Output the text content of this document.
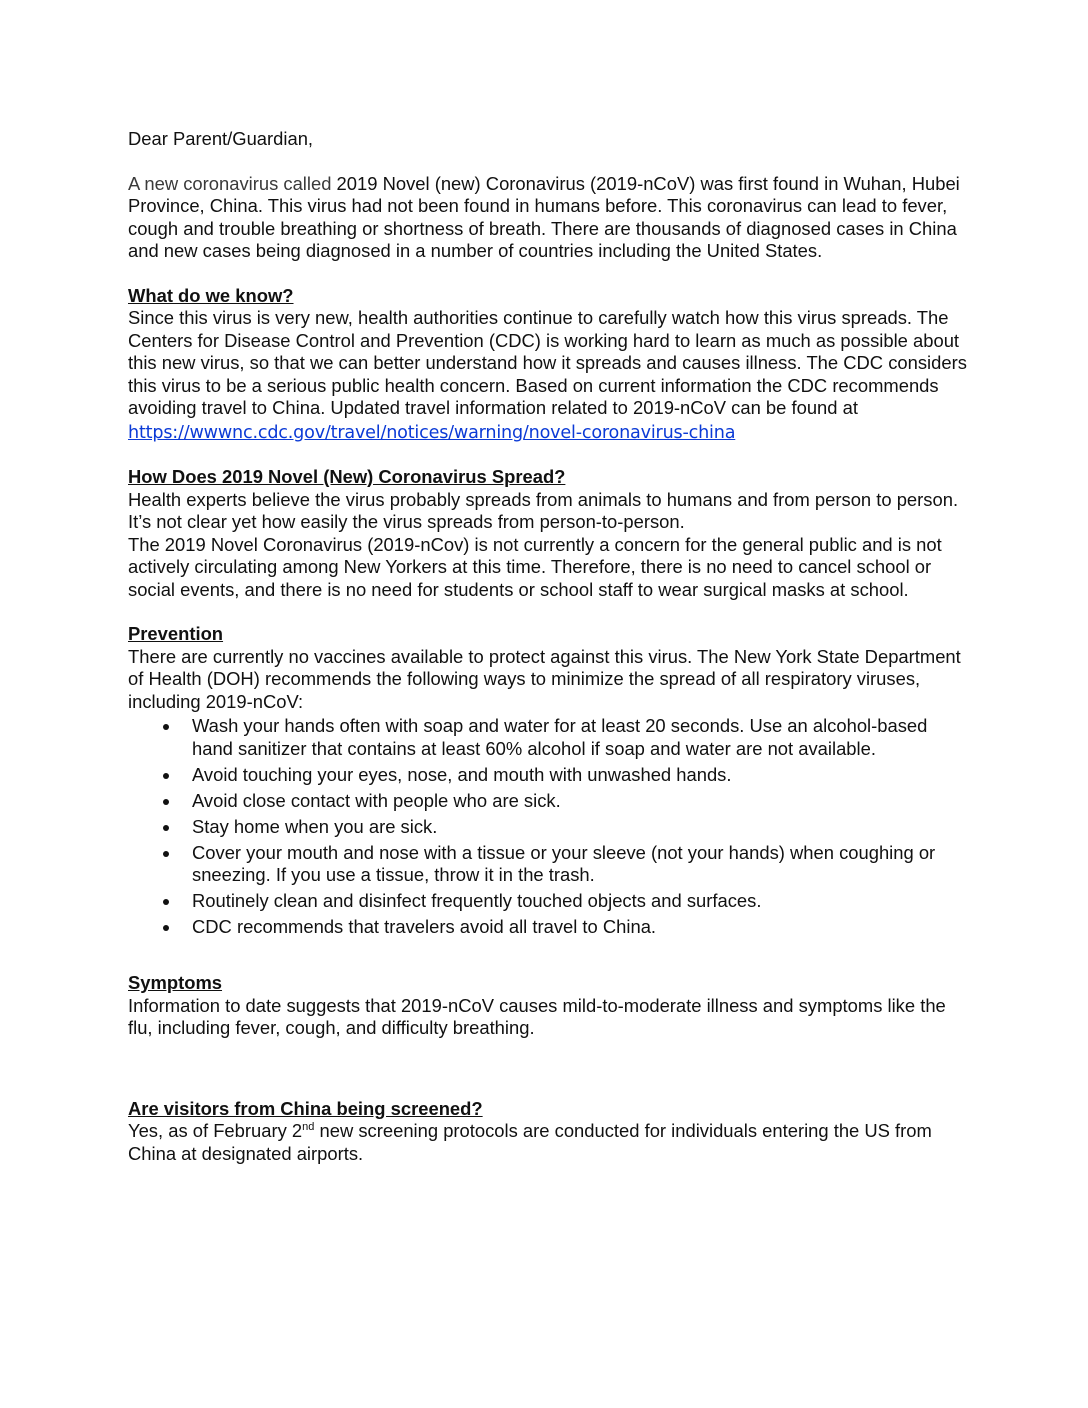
Dear Parent/Guardian,

A new coronavirus called 2019 Novel (new) Coronavirus (2019-nCoV) was first found in Wuhan, Hubei Province, China. This virus had not been found in humans before. This coronavirus can lead to fever, cough and trouble breathing or shortness of breath. There are thousands of diagnosed cases in China and new cases being diagnosed in a number of countries including the United States.

What do we know?

Since this virus is very new, health authorities continue to carefully watch how this virus spreads. The Centers for Disease Control and Prevention (CDC) is working hard to learn as much as possible about this new virus, so that we can better understand how it spreads and causes illness. The CDC considers this virus to be a serious public health concern. Based on current information the CDC recommends avoiding travel to China. Updated travel information related to 2019-nCoV can be found at

https://wwwnc.cdc.gov/travel/notices/warning/novel-coronavirus-china

How Does 2019 Novel (New) Coronavirus Spread?

Health experts believe the virus probably spreads from animals to humans and from person to person. It’s not clear yet how easily the virus spreads from person-to-person.

The 2019 Novel Coronavirus (2019-nCov) is not currently a concern for the general public and is not actively circulating among New Yorkers at this time. Therefore, there is no need to cancel school or social events, and there is no need for students or school staff to wear surgical masks at school.

Prevention

There are currently no vaccines available to protect against this virus. The New York State Department of Health (DOH) recommends the following ways to minimize the spread of all respiratory viruses, including 2019-nCoV:

Wash your hands often with soap and water for at least 20 seconds. Use an alcohol-based hand sanitizer that contains at least 60% alcohol if soap and water are not available.
Avoid touching your eyes, nose, and mouth with unwashed hands.
Avoid close contact with people who are sick.
Stay home when you are sick.
Cover your mouth and nose with a tissue or your sleeve (not your hands) when coughing or sneezing. If you use a tissue, throw it in the trash.
Routinely clean and disinfect frequently touched objects and surfaces.
CDC recommends that travelers avoid all travel to China.

Symptoms

Information to date suggests that 2019-nCoV causes mild-to-moderate illness and symptoms like the flu, including fever, cough, and difficulty breathing.

Are visitors from China being screened?

Yes, as of February 2nd new screening protocols are conducted for individuals entering the US from China at designated airports.
